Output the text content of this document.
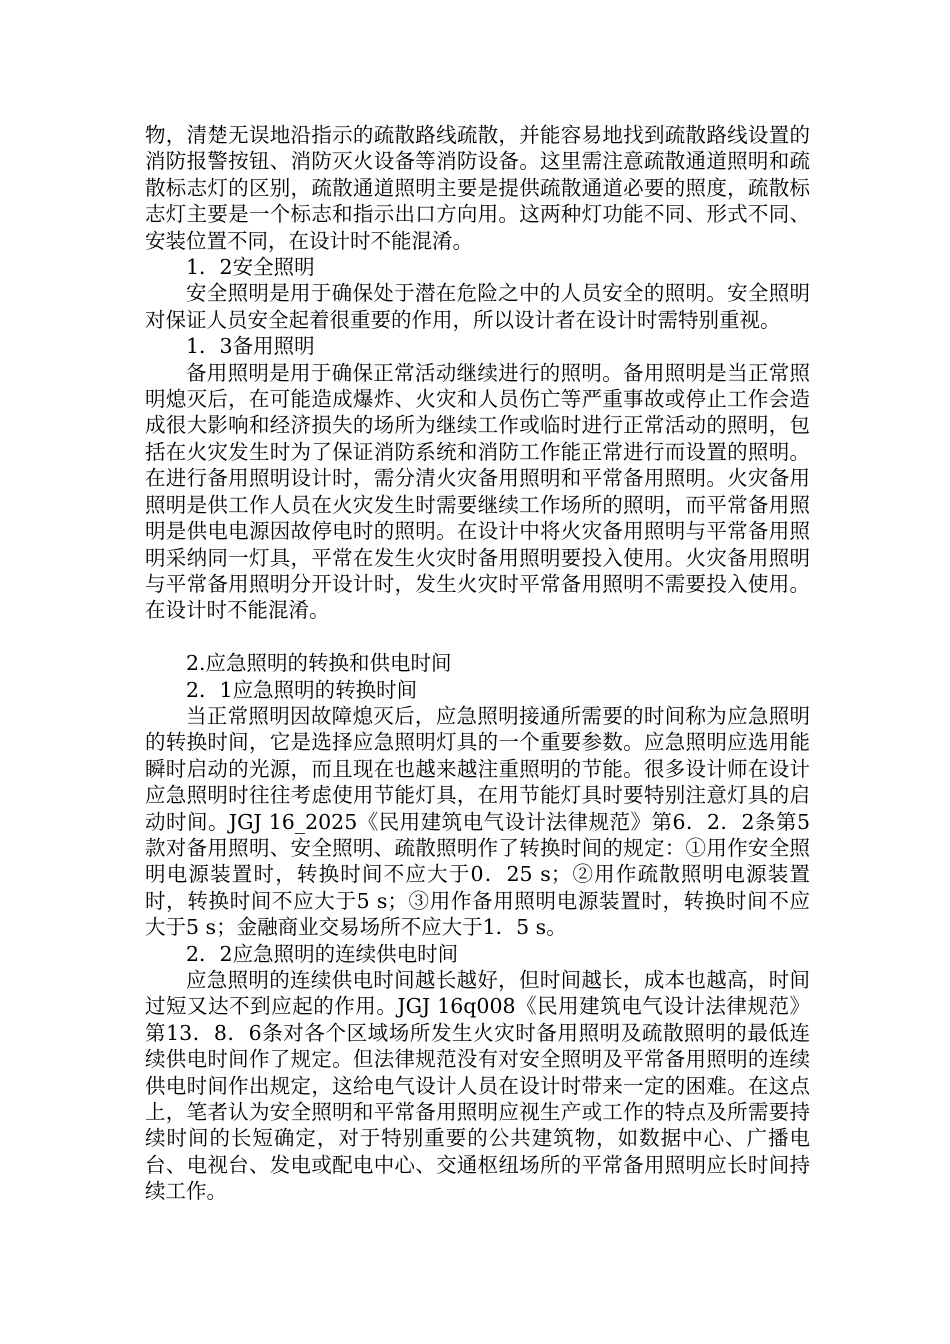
物，清楚无误地沿指示的疏散路线疏散，并能容易地找到疏散路线设置的消防报警按钮、消防灭火设备等消防设备。这里需注意疏散通道照明和疏散标志灯的区别，疏散通道照明主要是提供疏散通道必要的照度，疏散标志灯主要是一个标志和指示出口方向用。这两种灯功能不同、形式不同、安装位置不同，在设计时不能混淆。

1．2安全照明

安全照明是用于确保处于潜在危险之中的人员安全的照明。安全照明对保证人员安全起着很重要的作用，所以设计者在设计时需特别重视。

1．3备用照明

备用照明是用于确保正常活动继续进行的照明。备用照明是当正常照明熄灭后，在可能造成爆炸、火灾和人员伤亡等严重事故或停止工作会造成很大影响和经济损失的场所为继续工作或临时进行正常活动的照明，包括在火灾发生时为了保证消防系统和消防工作能正常进行而设置的照明。在进行备用照明设计时，需分清火灾备用照明和平常备用照明。火灾备用照明是供工作人员在火灾发生时需要继续工作场所的照明，而平常备用照明是供电电源因故停电时的照明。在设计中将火灾备用照明与平常备用照明采纳同一灯具，平常在发生火灾时备用照明要投入使用。火灾备用照明与平常备用照明分开设计时，发生火灾时平常备用照明不需要投入使用。在设计时不能混淆。

2.应急照明的转换和供电时间

2．1应急照明的转换时间

当正常照明因故障熄灭后，应急照明接通所需要的时间称为应急照明的转换时间，它是选择应急照明灯具的一个重要参数。应急照明应选用能瞬时启动的光源，而且现在也越来越注重照明的节能。很多设计师在设计应急照明时往往考虑使用节能灯具，在用节能灯具时要特别注意灯具的启动时间。JGJ 16_2025《民用建筑电气设计法律规范》第6．2．2条第5款对备用照明、安全照明、疏散照明作了转换时间的规定：①用作安全照明电源装置时，转换时间不应大于0．25 s；②用作疏散照明电源装置时，转换时间不应大于5 s；③用作备用照明电源装置时，转换时间不应大于5 s；金融商业交易场所不应大于1．5 s。

2．2应急照明的连续供电时间

应急照明的连续供电时间越长越好，但时间越长，成本也越高，时间过短又达不到应起的作用。JGJ 16q008《民用建筑电气设计法律规范》第13．8．6条对各个区域场所发生火灾时备用照明及疏散照明的最低连续供电时间作了规定。但法律规范没有对安全照明及平常备用照明的连续供电时间作出规定，这给电气设计人员在设计时带来一定的困难。在这点上，笔者认为安全照明和平常备用照明应视生产或工作的特点及所需要持续时间的长短确定，对于特别重要的公共建筑物，如数据中心、广播电台、电视台、发电或配电中心、交通枢纽场所的平常备用照明应长时间持续工作。
